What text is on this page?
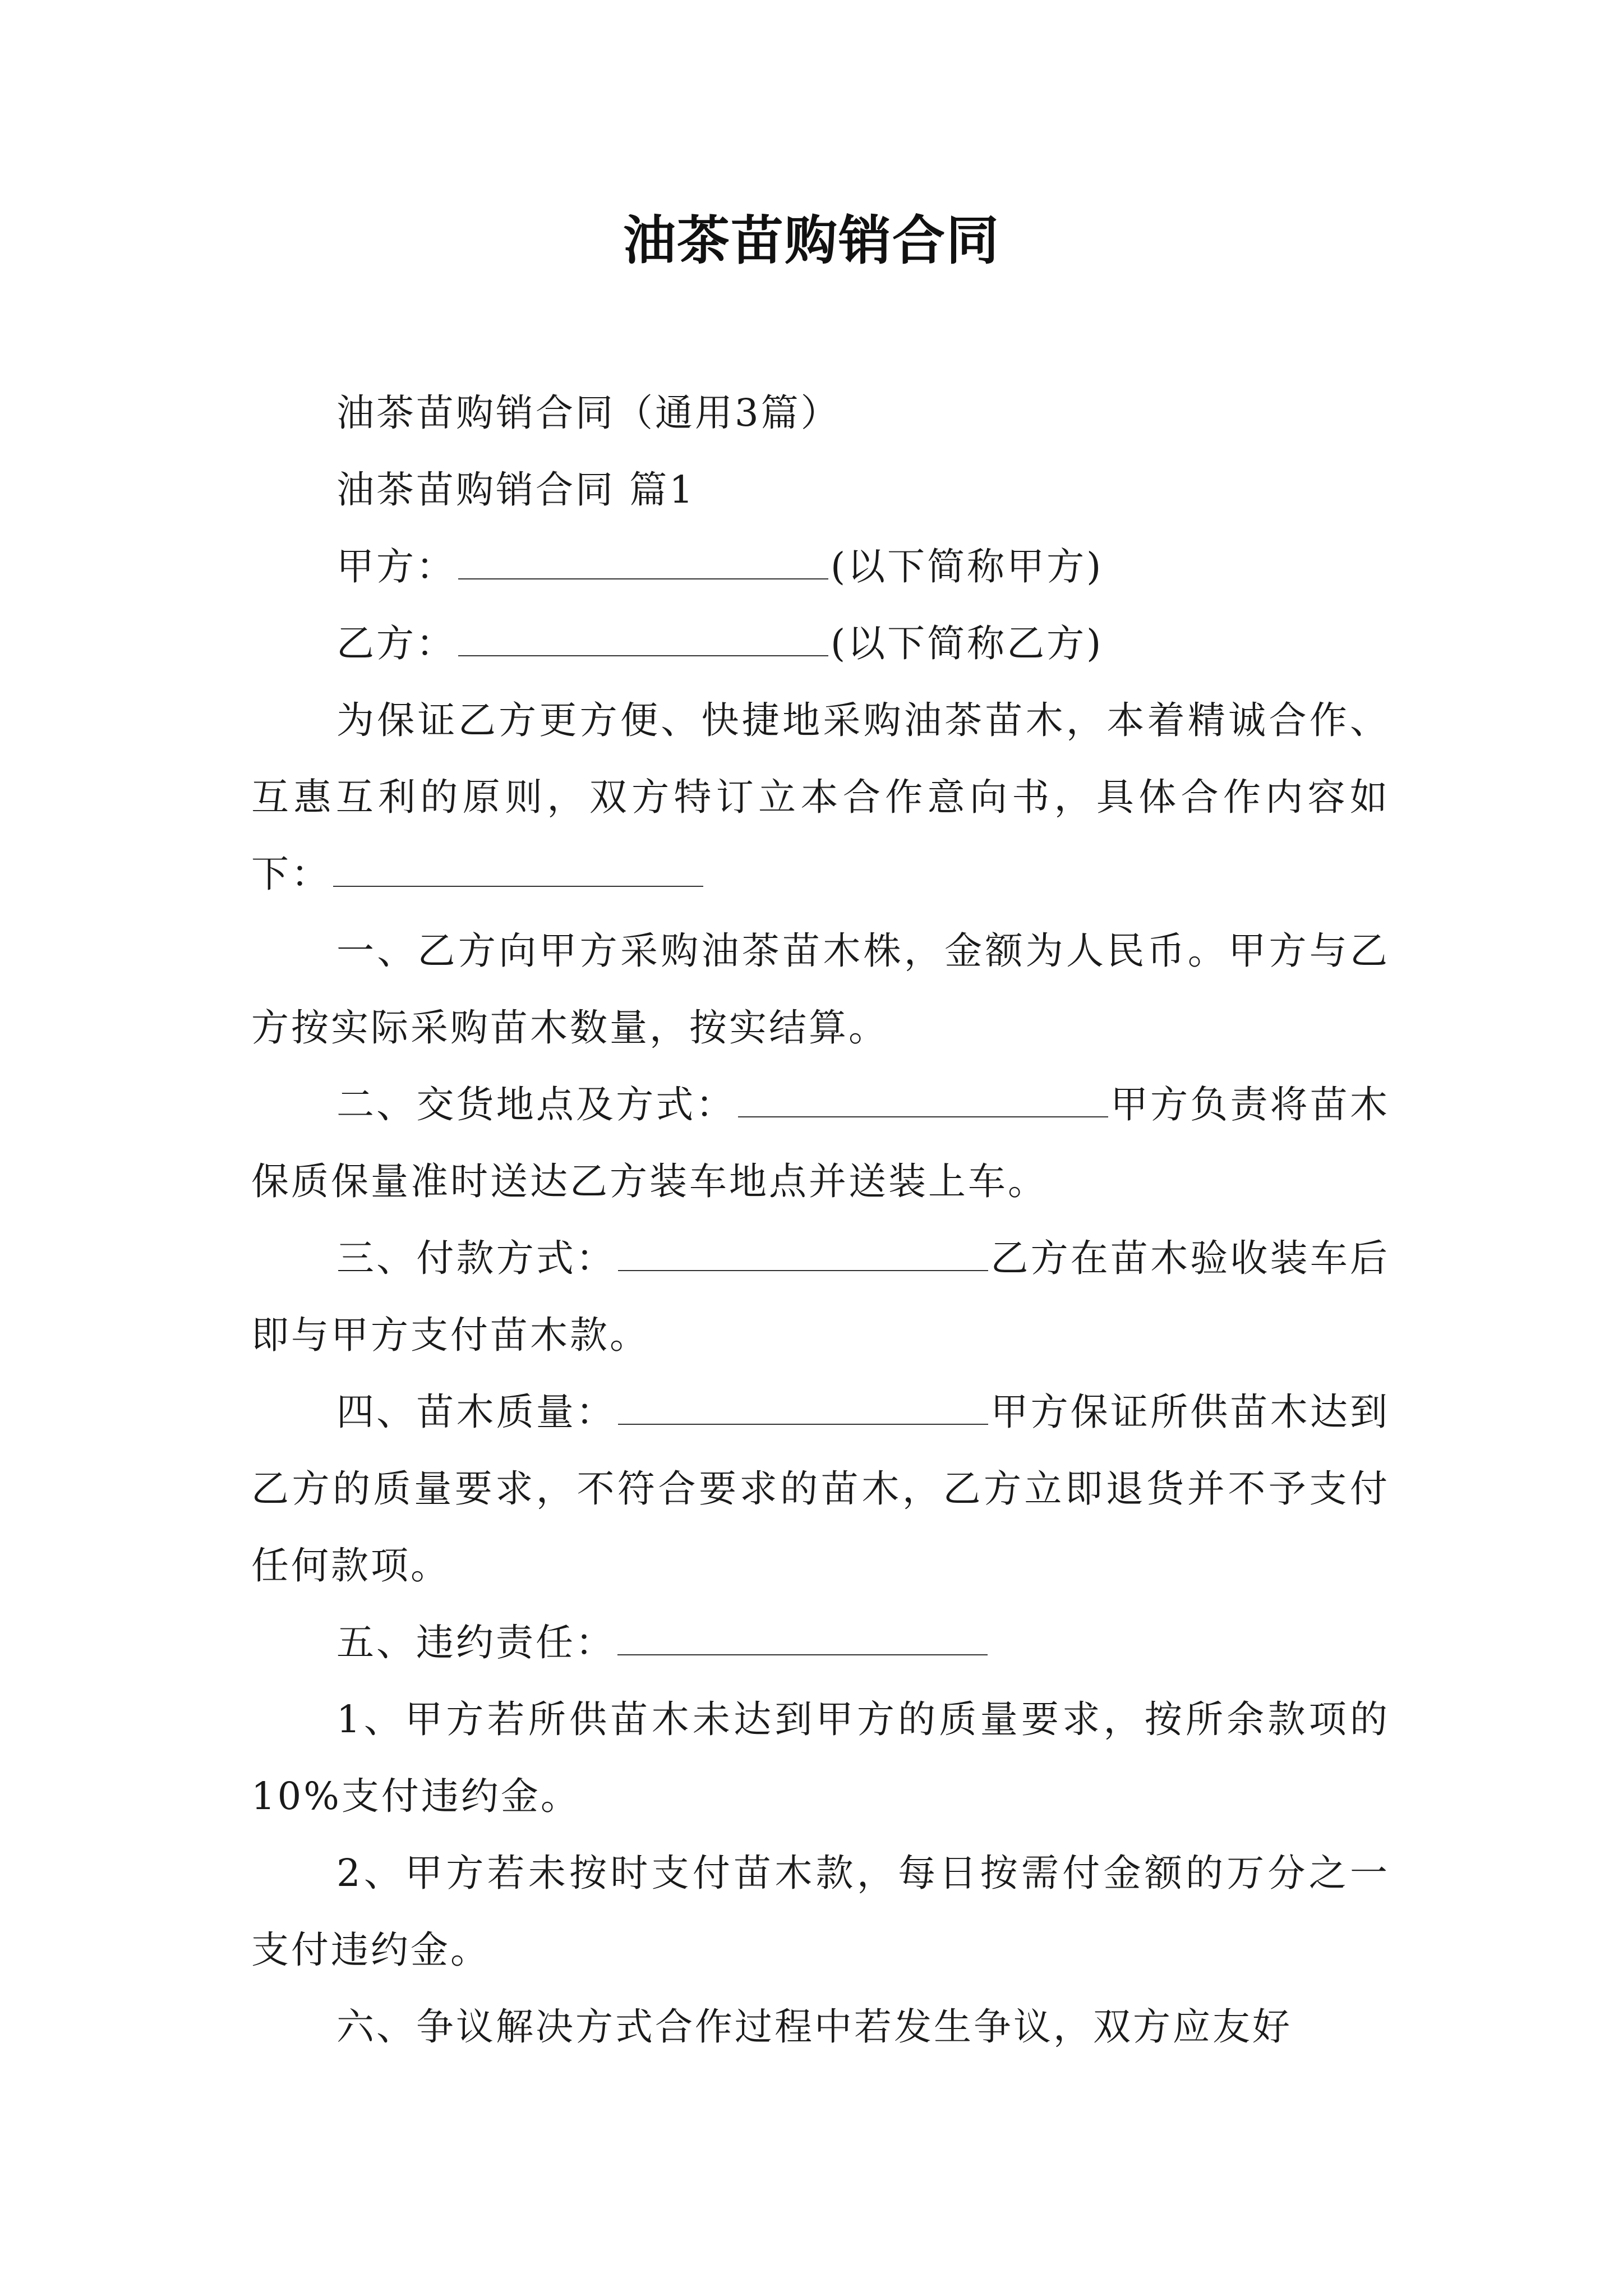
油茶苗购销合同

油茶苗购销合同（通用3篇）

油茶苗购销合同 篇1

甲方：	(以下简称甲方)

乙方：	(以下简称乙方)

为保证乙方更方便、快捷地采购油茶苗木，本着精诚合作、互惠互利的原则，双方特订立本合作意向书，具体合作内容如下：

一、乙方向甲方采购油茶苗木株，金额为人民币。甲方与乙方按实际采购苗木数量，按实结算。

二、交货地点及方式：	甲方负责将苗木保质保量准时送达乙方装车地点并送装上车。

三、付款方式：	乙方在苗木验收装车后即与甲方支付苗木款。

四、苗木质量：	甲方保证所供苗木达到乙方的质量要求，不符合要求的苗木，乙方立即退货并不予支付任何款项。

五、违约责任：

1、甲方若所供苗木未达到甲方的质量要求，按所余款项的10%支付违约金。

2、甲方若未按时支付苗木款，每日按需付金额的万分之一支付违约金。

六、争议解决方式合作过程中若发生争议，双方应友好
